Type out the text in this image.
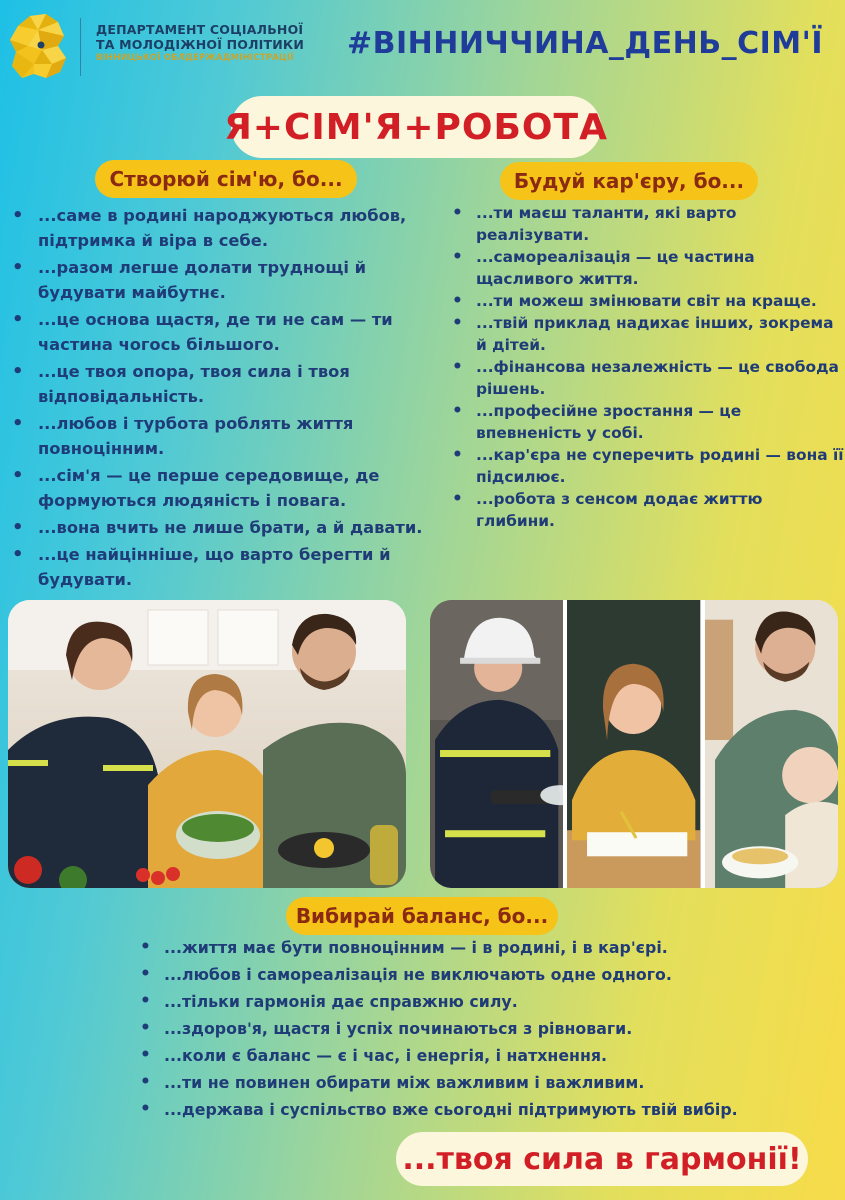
ДЕПАРТАМЕНТ СОЦІАЛЬНОЇ
ТА МОЛОДІЖНОЇ ПОЛІТИКИ
ВІННИЦЬКОЇ ОБЛДЕРЖАДМІНІСТРАЦІЇ	#ВІННИЧЧИНА_ДЕНЬ_СІМ'Ї
Я+СІМ'Я+РОБОТА
Створюй сім'ю, бо...
• ...саме в родині народжуються любов, підтримка й віра в себе.
• ...разом легше долати труднощі й будувати майбутнє.
• ...це основа щастя, де ти не сам — ти частина чогось більшого.
• ...це твоя опора, твоя сила і твоя відповідальність.
• ...любов і турбота роблять життя повноцінним.
• ...сім'я — це перше середовище, де формуються людяність і повага.
• ...вона вчить не лише брати, а й давати.
• ...це найцінніше, що варто берегти й будувати.
Будуй кар'єру, бо...
• ...ти маєш таланти, які варто реалізувати.
• ...самореалізація — це частина щасливого життя.
• ...ти можеш змінювати світ на краще.
• ...твій приклад надихає інших, зокрема й дітей.
• ...фінансова незалежність — це свобода рішень.
• ...професійне зростання — це впевненість у собі.
• ...кар'єра не суперечить родині — вона її підсилює.
• ...робота з сенсом додає життю глибини.
Вибирай баланс, бо...
• ...життя має бути повноцінним — і в родині, і в кар'єрі.
• ...любов і самореалізація не виключають одне одного.
• ...тільки гармонія дає справжню силу.
• ...здоров'я, щастя і успіх починаються з рівноваги.
• ...коли є баланс — є і час, і енергія, і натхнення.
• ...ти не повинен обирати між важливим і важливим.
• ...держава і суспільство вже сьогодні підтримують твій вибір.
...твоя сила в гармонії!
